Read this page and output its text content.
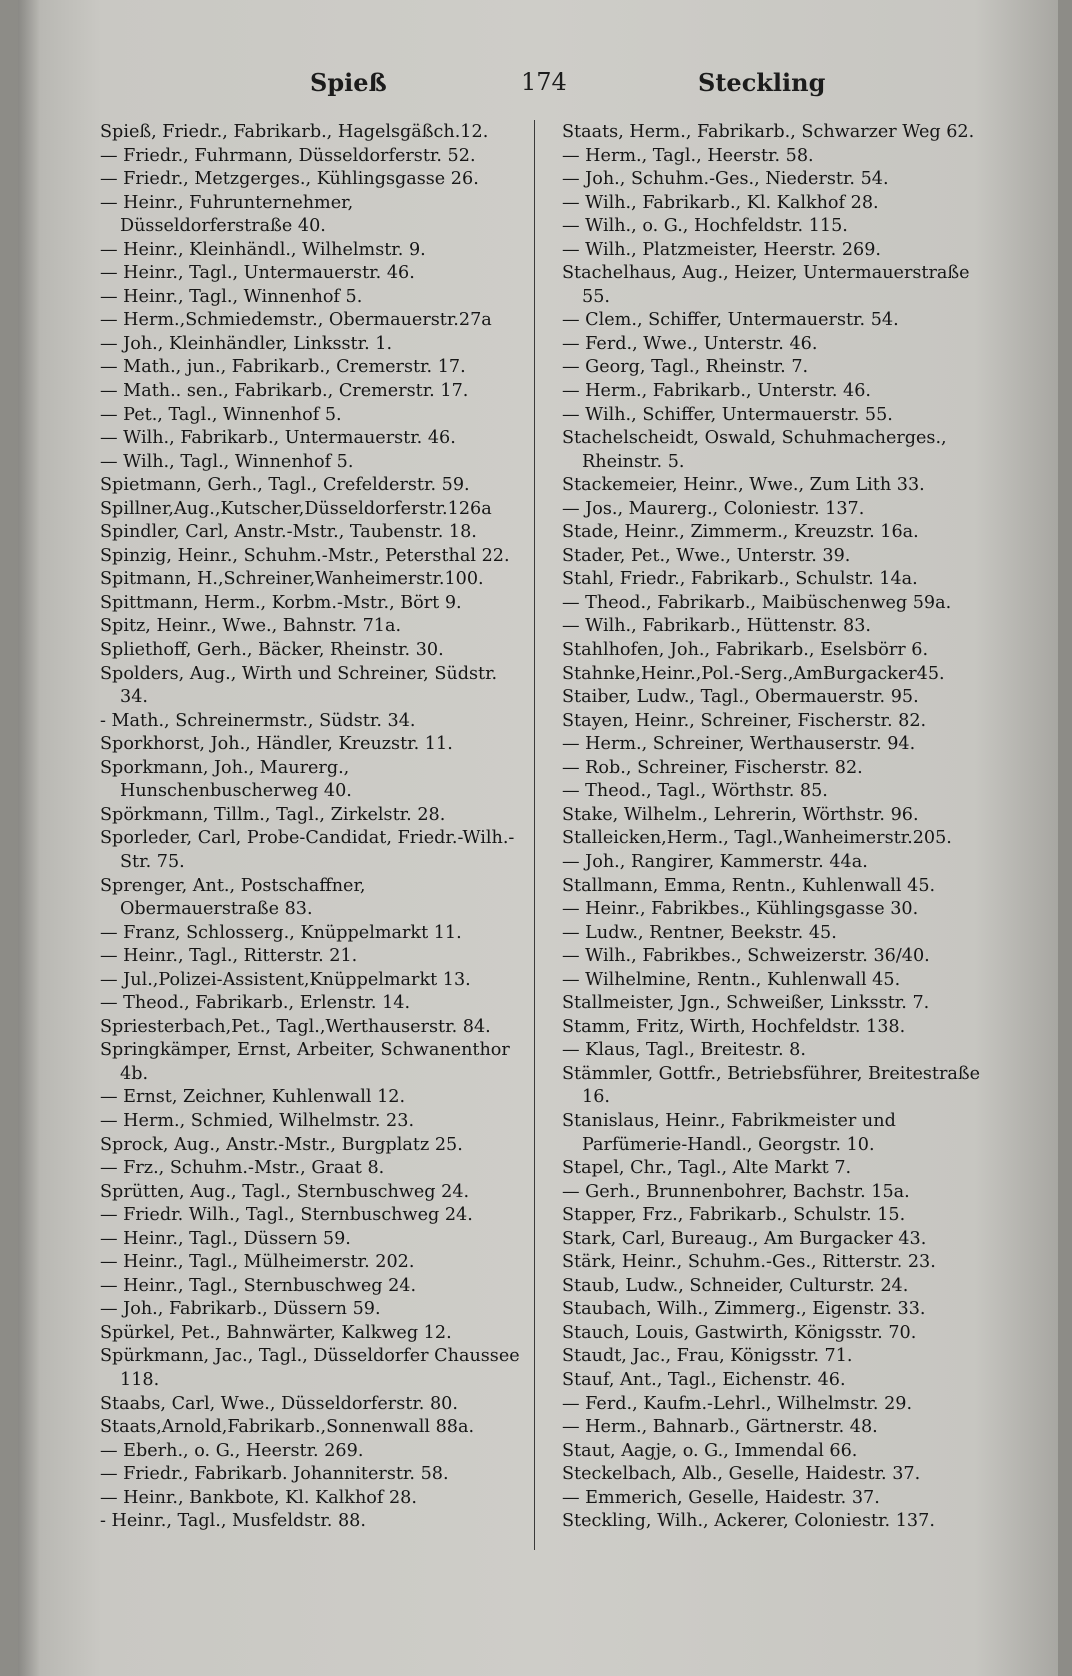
Spieß	174	Steckling
Spieß, Friedr., Fabrikarb., Hagelsgäßch.12.
— Friedr., Fuhrmann, Düsseldorferstr. 52.
— Friedr., Metzgerges., Kühlingsgasse 26.
— Heinr., Fuhrunternehmer, Düsseldorferstraße 40.
— Heinr., Kleinhändl., Wilhelmstr. 9.
— Heinr., Tagl., Untermauerstr. 46.
— Heinr., Tagl., Winnenhof 5.
— Herm.,Schmiedemstr., Obermauerstr.27a
— Joh., Kleinhändler, Linksstr. 1.
— Math., jun., Fabrikarb., Cremerstr. 17.
— Math.. sen., Fabrikarb., Cremerstr. 17.
— Pet., Tagl., Winnenhof 5.
— Wilh., Fabrikarb., Untermauerstr. 46.
— Wilh., Tagl., Winnenhof 5.
Spietmann, Gerh., Tagl., Crefelderstr. 59.
Spillner,Aug.,Kutscher,Düsseldorferstr.126a
Spindler, Carl, Anstr.-Mstr., Taubenstr. 18.
Spinzig, Heinr., Schuhm.-Mstr., Petersthal 22.
Spitmann, H.,Schreiner,Wanheimerstr.100.
Spittmann, Herm., Korbm.-Mstr., Bört 9.
Spitz, Heinr., Wwe., Bahnstr. 71a.
Spliethoff, Gerh., Bäcker, Rheinstr. 30.
Spolders, Aug., Wirth und Schreiner, Südstr. 34.
- Math., Schreinermstr., Südstr. 34.
Sporkhorst, Joh., Händler, Kreuzstr. 11.
Sporkmann, Joh., Maurerg., Hunschenbuscherweg 40.
Spörkmann, Tillm., Tagl., Zirkelstr. 28.
Sporleder, Carl, Probe-Candidat, Friedr.-Wilh.-Str. 75.
Sprenger, Ant., Postschaffner, Obermauerstraße 83.
— Franz, Schlosserg., Knüppelmarkt 11.
— Heinr., Tagl., Ritterstr. 21.
— Jul.,Polizei-Assistent,Knüppelmarkt 13.
— Theod., Fabrikarb., Erlenstr. 14.
Spriesterbach,Pet., Tagl.,Werthauserstr. 84.
Springkämper, Ernst, Arbeiter, Schwanenthor 4b.
— Ernst, Zeichner, Kuhlenwall 12.
— Herm., Schmied, Wilhelmstr. 23.
Sprock, Aug., Anstr.-Mstr., Burgplatz 25.
— Frz., Schuhm.-Mstr., Graat 8.
Sprütten, Aug., Tagl., Sternbuschweg 24.
— Friedr. Wilh., Tagl., Sternbuschweg 24.
— Heinr., Tagl., Düssern 59.
— Heinr., Tagl., Mülheimerstr. 202.
— Heinr., Tagl., Sternbuschweg 24.
— Joh., Fabrikarb., Düssern 59.
Spürkel, Pet., Bahnwärter, Kalkweg 12.
Spürkmann, Jac., Tagl., Düsseldorfer Chaussee 118.
Staabs, Carl, Wwe., Düsseldorferstr. 80.
Staats,Arnold,Fabrikarb.,Sonnenwall 88a.
— Eberh., o. G., Heerstr. 269.
— Friedr., Fabrikarb. Johanniterstr. 58.
— Heinr., Bankbote, Kl. Kalkhof 28.
- Heinr., Tagl., Musfeldstr. 88.
Staats, Herm., Fabrikarb., Schwarzer Weg 62.
— Herm., Tagl., Heerstr. 58.
— Joh., Schuhm.-Ges., Niederstr. 54.
— Wilh., Fabrikarb., Kl. Kalkhof 28.
— Wilh., o. G., Hochfeldstr. 115.
— Wilh., Platzmeister, Heerstr. 269.
Stachelhaus, Aug., Heizer, Untermauerstraße 55.
— Clem., Schiffer, Untermauerstr. 54.
— Ferd., Wwe., Unterstr. 46.
— Georg, Tagl., Rheinstr. 7.
— Herm., Fabrikarb., Unterstr. 46.
— Wilh., Schiffer, Untermauerstr. 55.
Stachelscheidt, Oswald, Schuhmacherges., Rheinstr. 5.
Stackemeier, Heinr., Wwe., Zum Lith 33.
— Jos., Maurerg., Coloniestr. 137.
Stade, Heinr., Zimmerm., Kreuzstr. 16a.
Stader, Pet., Wwe., Unterstr. 39.
Stahl, Friedr., Fabrikarb., Schulstr. 14a.
— Theod., Fabrikarb., Maibüschenweg 59a.
— Wilh., Fabrikarb., Hüttenstr. 83.
Stahlhofen, Joh., Fabrikarb., Eselsbörr 6.
Stahnke,Heinr.,Pol.-Serg.,AmBurgacker45.
Staiber, Ludw., Tagl., Obermauerstr. 95.
Stayen, Heinr., Schreiner, Fischerstr. 82.
— Herm., Schreiner, Werthauserstr. 94.
— Rob., Schreiner, Fischerstr. 82.
— Theod., Tagl., Wörthstr. 85.
Stake, Wilhelm., Lehrerin, Wörthstr. 96.
Stalleicken,Herm., Tagl.,Wanheimerstr.205.
— Joh., Rangirer, Kammerstr. 44a.
Stallmann, Emma, Rentn., Kuhlenwall 45.
— Heinr., Fabrikbes., Kühlingsgasse 30.
— Ludw., Rentner, Beekstr. 45.
— Wilh., Fabrikbes., Schweizerstr. 36/40.
— Wilhelmine, Rentn., Kuhlenwall 45.
Stallmeister, Jgn., Schweißer, Linksstr. 7.
Stamm, Fritz, Wirth, Hochfeldstr. 138.
— Klaus, Tagl., Breitestr. 8.
Stämmler, Gottfr., Betriebsführer, Breitestraße 16.
Stanislaus, Heinr., Fabrikmeister und Parfümerie-Handl., Georgstr. 10.
Stapel, Chr., Tagl., Alte Markt 7.
— Gerh., Brunnenbohrer, Bachstr. 15a.
Stapper, Frz., Fabrikarb., Schulstr. 15.
Stark, Carl, Bureaug., Am Burgacker 43.
Stärk, Heinr., Schuhm.-Ges., Ritterstr. 23.
Staub, Ludw., Schneider, Culturstr. 24.
Staubach, Wilh., Zimmerg., Eigenstr. 33.
Stauch, Louis, Gastwirth, Königsstr. 70.
Staudt, Jac., Frau, Königsstr. 71.
Stauf, Ant., Tagl., Eichenstr. 46.
— Ferd., Kaufm.-Lehrl., Wilhelmstr. 29.
— Herm., Bahnarb., Gärtnerstr. 48.
Staut, Aagje, o. G., Immendal 66.
Steckelbach, Alb., Geselle, Haidestr. 37.
— Emmerich, Geselle, Haidestr. 37.
Steckling, Wilh., Ackerer, Coloniestr. 137.
